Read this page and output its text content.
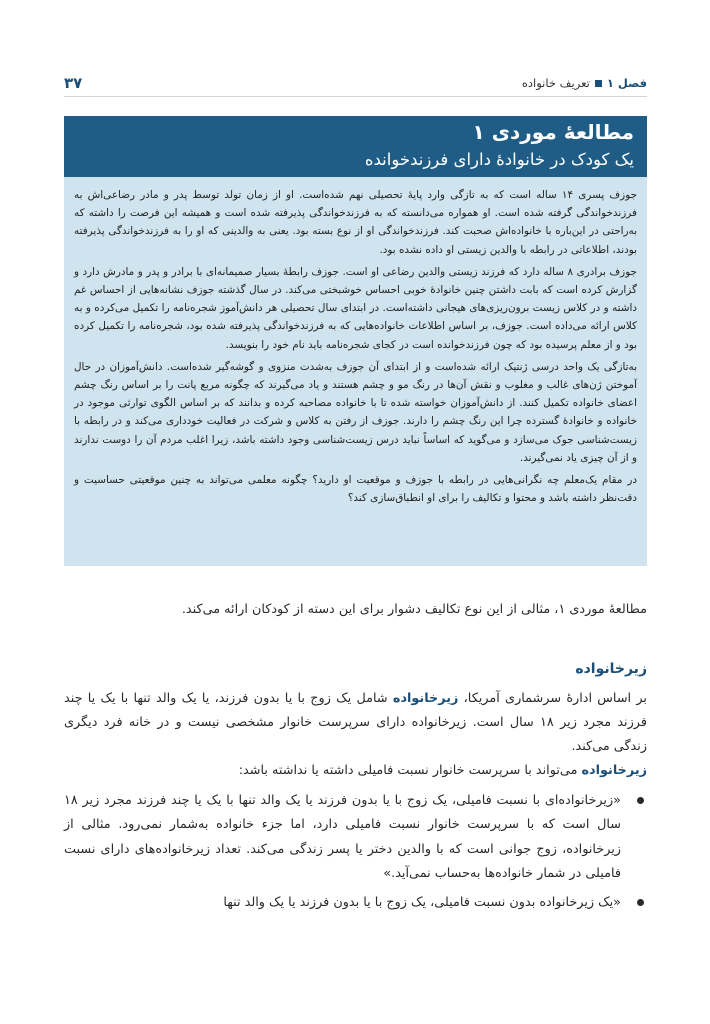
۳۷	فصل ۱تعریف خانواده
مطالعهٔ موردی ۱
یک کودک در خانوادهٔ دارای فرزندخوانده

جوزف پسری ۱۴ ساله است که به تازگی وارد پایهٔ تحصیلی نهم شده‌است. او از زمان تولد توسط پدر و مادر رضاعی‌اش به فرزندخواندگی گرفته شده است. او همواره می‌دانسته که به فرزندخواندگی پذیرفته شده است و همیشه این فرصت را داشته که به‌راحتی در این‌باره با خانواده‌اش صحبت کند. فرزندخواندگی او از نوع بسته بود. یعنی به والدینی که او را به فرزندخواندگی پذیرفته بودند، اطلاعاتی در رابطه با والدین زیستی او داده نشده بود.

جوزف برادری ۸ ساله دارد که فرزند زیستی والدین رضاعی او است. جوزف رابطهٔ بسیار صمیمانه‌ای با برادر و پدر و مادرش دارد و گزارش کرده است که بابت داشتن چنین خانوادهٔ خوبی احساس خوشبختی می‌کند. در سال گذشته جوزف نشانه‌هایی از احساس غم داشته و در کلاس زیست برون‌ریزی‌های هیجانی داشته‌است. در ابتدای سال تحصیلی هر دانش‌آموز شجره‌نامه را تکمیل می‌کرده و به کلاس ارائه می‌داده است. جوزف، بر اساس اطلاعات خانواده‌هایی که به فرزندخواندگی پذیرفته شده بود، شجره‌نامه را تکمیل کرده بود و از معلم پرسیده بود که چون فرزندخوانده است در کجای شجره‌نامه باید نام خود را بنویسد.

به‌تازگی یک واحد درسی ژنتیک ارائه شده‌است و از ابتدای آن جوزف به‌شدت منزوی و گوشه‌گیر شده‌است. دانش‌آموزان در حال آموختن ژن‌های غالب و مغلوب و نقش آن‌ها در رنگ مو و چشم هستند و یاد می‌گیرند که چگونه مربع پانت را بر اساس رنگ چشم اعضای خانواده تکمیل کنند. از دانش‌آموزان خواسته شده تا با خانواده مصاحبه کرده و بدانند که بر اساس الگوی توارثی موجود در خانواده و خانوادهٔ گسترده چرا این رنگ چشم را دارند. جوزف از رفتن به کلاس و شرکت در فعالیت خودداری می‌کند و در رابطه با زیست‌شناسی جوک می‌سازد و می‌گوید که اساساً نباید درس زیست‌شناسی وجود داشته باشد، زیرا اغلب مردم آن را دوست ندارند و از آن چیزی یاد نمی‌گیرند.

در مقام یک‌معلم چه نگرانی‌هایی در رابطه با جوزف و موقعیت او دارید؟ چگونه معلمی می‌تواند به چنین موقعیتی حساسیت و دقت‌نظر داشته باشد و محتوا و تکالیف را برای او انطباق‌سازی کند؟

مطالعهٔ موردی ۱، مثالی از این نوع تکالیف دشوار برای این دسته از کودکان ارائه می‌کند.
زیرخانواده
بر اساس ادارهٔ سرشماری آمریکا، زیرخانواده شامل یک زوج با یا بدون فرزند، یا یک والد تنها با یک یا چند فرزند مجرد زیر ۱۸ سال است. زیرخانواده دارای سرپرست خانوار مشخصی نیست و در خانه فرد دیگری زندگی می‌کند.
زیرخانواده می‌تواند با سرپرست خانوار نسبت فامیلی داشته یا نداشته باشد:
«زیرخانواده‌ای با نسبت فامیلی، یک زوج با یا بدون فرزند یا یک والد تنها با یک یا چند فرزند مجرد زیر ۱۸ سال است که با سرپرست خانوار نسبت فامیلی دارد، اما جزء خانواده به‌شمار نمی‌رود. مثالی از زیرخانواده، زوج جوانی است که با والدین دختر یا پسر زندگی می‌کند. تعداد زیرخانواده‌های دارای نسبت فامیلی در شمار خانواده‌ها به‌حساب نمی‌آید.»
«یک زیرخانواده بدون نسبت فامیلی، یک زوج با یا بدون فرزند یا یک والد تنها
